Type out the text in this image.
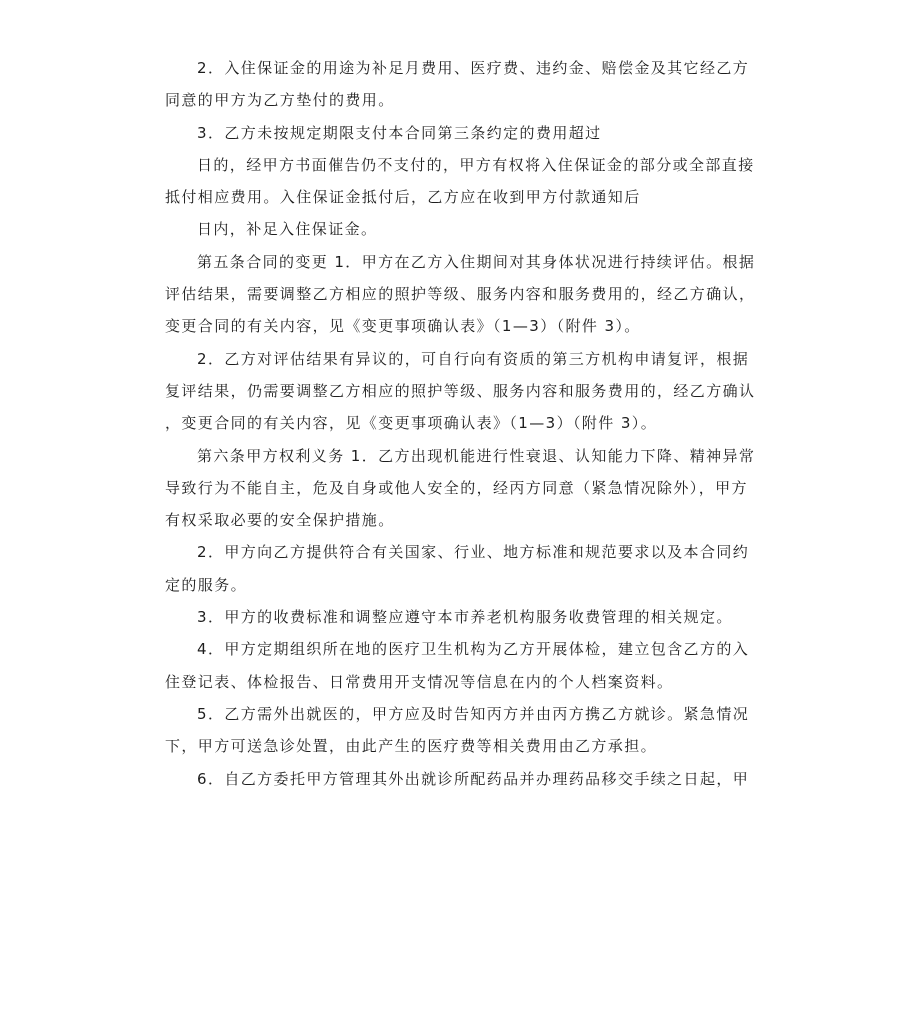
2．入住保证金的用途为补足月费用、医疗费、违约金、赔偿金及其它经乙方
同意的甲方为乙方垫付的费用。
3．乙方未按规定期限支付本合同第三条约定的费用超过
日的，经甲方书面催告仍不支付的，甲方有权将入住保证金的部分或全部直接
抵付相应费用。入住保证金抵付后，乙方应在收到甲方付款通知后
日内，补足入住保证金。
第五条合同的变更 1．甲方在乙方入住期间对其身体状况进行持续评估。根据
评估结果，需要调整乙方相应的照护等级、服务内容和服务费用的，经乙方确认，
变更合同的有关内容，见《变更事项确认表》（1—3）（附件 3）。
2．乙方对评估结果有异议的，可自行向有资质的第三方机构申请复评，根据
复评结果，仍需要调整乙方相应的照护等级、服务内容和服务费用的，经乙方确认
，变更合同的有关内容，见《变更事项确认表》（1—3）（附件 3）。
第六条甲方权利义务 1．乙方出现机能进行性衰退、认知能力下降、精神异常
导致行为不能自主，危及自身或他人安全的，经丙方同意（紧急情况除外），甲方
有权采取必要的安全保护措施。
2．甲方向乙方提供符合有关国家、行业、地方标准和规范要求以及本合同约
定的服务。
3．甲方的收费标准和调整应遵守本市养老机构服务收费管理的相关规定。
4．甲方定期组织所在地的医疗卫生机构为乙方开展体检，建立包含乙方的入
住登记表、体检报告、日常费用开支情况等信息在内的个人档案资料。
5．乙方需外出就医的，甲方应及时告知丙方并由丙方携乙方就诊。紧急情况
下，甲方可送急诊处置，由此产生的医疗费等相关费用由乙方承担。
6．自乙方委托甲方管理其外出就诊所配药品并办理药品移交手续之日起，甲
